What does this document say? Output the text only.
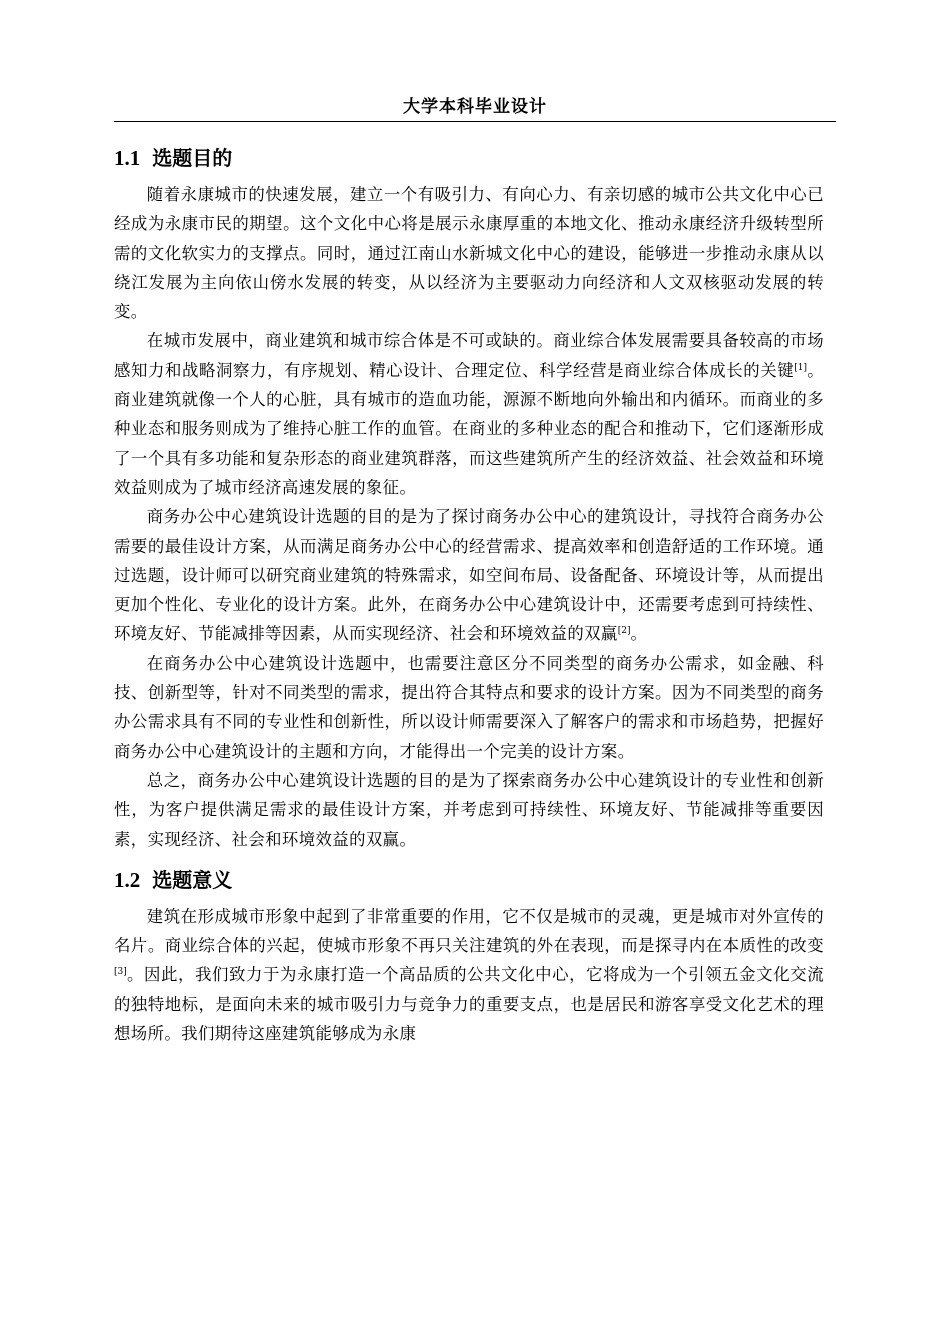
大学本科毕业设计
1.1 选题目的

随着永康城市的快速发展，建立一个有吸引力、有向心力、有亲切感的城市公共文化中心已经成为永康市民的期望。这个文化中心将是展示永康厚重的本地文化、推动永康经济升级转型所需的文化软实力的支撑点。同时，通过江南山水新城文化中心的建设，能够进一步推动永康从以绕江发展为主向依山傍水发展的转变，从以经济为主要驱动力向经济和人文双核驱动发展的转变。

在城市发展中，商业建筑和城市综合体是不可或缺的。商业综合体发展需要具备较高的市场感知力和战略洞察力，有序规划、精心设计、合理定位、科学经营是商业综合体成长的关键[1]。商业建筑就像一个人的心脏，具有城市的造血功能，源源不断地向外输出和内循环。而商业的多种业态和服务则成为了维持心脏工作的血管。在商业的多种业态的配合和推动下，它们逐渐形成了一个具有多功能和复杂形态的商业建筑群落，而这些建筑所产生的经济效益、社会效益和环境效益则成为了城市经济高速发展的象征。

商务办公中心建筑设计选题的目的是为了探讨商务办公中心的建筑设计，寻找符合商务办公需要的最佳设计方案，从而满足商务办公中心的经营需求、提高效率和创造舒适的工作环境。通过选题，设计师可以研究商业建筑的特殊需求，如空间布局、设备配备、环境设计等，从而提出更加个性化、专业化的设计方案。此外，在商务办公中心建筑设计中，还需要考虑到可持续性、环境友好、节能减排等因素，从而实现经济、社会和环境效益的双赢[2]。

在商务办公中心建筑设计选题中，也需要注意区分不同类型的商务办公需求，如金融、科技、创新型等，针对不同类型的需求，提出符合其特点和要求的设计方案。因为不同类型的商务办公需求具有不同的专业性和创新性，所以设计师需要深入了解客户的需求和市场趋势，把握好商务办公中心建筑设计的主题和方向，才能得出一个完美的设计方案。

总之，商务办公中心建筑设计选题的目的是为了探索商务办公中心建筑设计的专业性和创新性，为客户提供满足需求的最佳设计方案，并考虑到可持续性、环境友好、节能减排等重要因素，实现经济、社会和环境效益的双赢。

1.2 选题意义

建筑在形成城市形象中起到了非常重要的作用，它不仅是城市的灵魂，更是城市对外宣传的名片。商业综合体的兴起，使城市形象不再只关注建筑的外在表现，而是探寻内在本质性的改变[3]。因此，我们致力于为永康打造一个高品质的公共文化中心，它将成为一个引领五金文化交流的独特地标，是面向未来的城市吸引力与竞争力的重要支点，也是居民和游客享受文化艺术的理想场所。我们期待这座建筑能够成为永康
